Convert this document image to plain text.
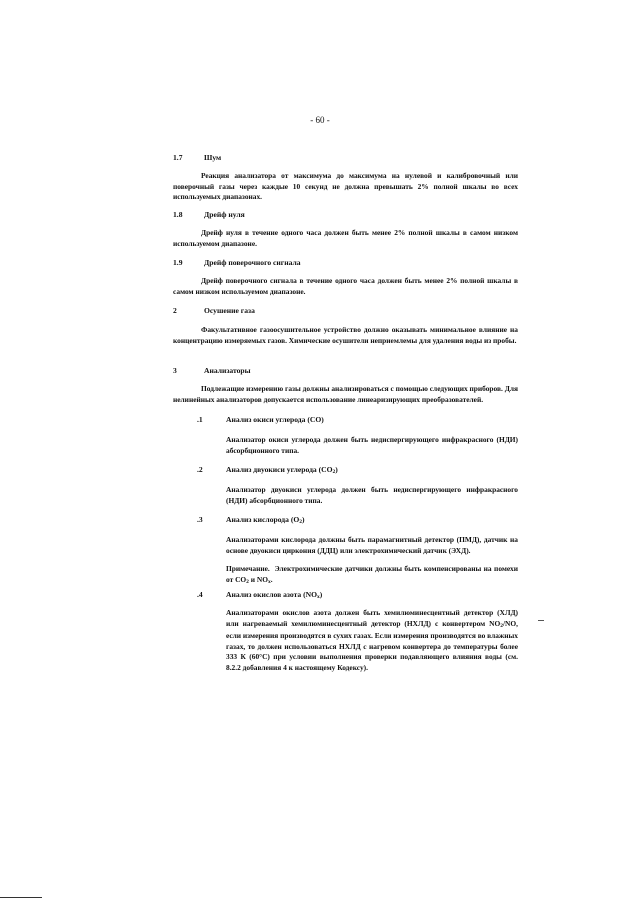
- 60 -
1.7	Шум
Реакция анализатора от максимума до максимума на нулевой и калибровочный или поверочный газы через каждые 10 секунд не должна превышать 2% полной шкалы во всех используемых диапазонах.
1.8	Дрейф нуля
Дрейф нуля в течение одного часа должен быть менее 2% полной шкалы в самом низком используемом диапазоне.
1.9	Дрейф поверочного сигнала
Дрейф поверочного сигнала в течение одного часа должен быть менее 2% полной шкалы в самом низком используемом диапазоне.
2	Осушение газа
Факультативное газоосушительное устройство должно оказывать минимальное влияние на концентрацию измеряемых газов. Химические осушители неприемлемы для удаления воды из пробы.
3	Анализаторы
Подлежащие измерению газы должны анализироваться с помощью следующих приборов. Для нелинейных анализаторов допускается использование линеаризирующих преобразователей.
.1	Анализ окиси углерода (CO)
Анализатор окиси углерода должен быть недиспергирующего инфракрасного (НДИ) абсорбционного типа.
.2	Анализ двуокиси углерода $(CO_2)$
Анализатор двуокиси углерода должен быть недиспергирующего инфракрасного (НДИ) абсорбционного типа.
.3	Анализ кислорода $(O_2)$
Анализаторами кислорода должны быть парамагнитный детектор (ПМД), датчик на основе двуокиси циркония (ДДЦ) или электрохимический датчик (ЭХД).
Примечание. Электрохимические датчики должны быть компенсированы на помехи от $CO_2$ и $NO_x$.
.4	Анализ окислов азота $(NO_x)$
Анализаторами окислов азота должен быть хемилюминесцентный детектор (ХЛД) или нагреваемый хемилюминесцентный детектор (НХЛД) с конвертером $NO_2/NO$, если измерения производятся в сухих газах. Если измерения производятся во влажных газах, то должен использоваться НХЛД с нагревом конвертера до температуры более 333 К (60°C) при условии выполнения проверки подавляющего влияния воды (см. 8.2.2 добавления 4 к настоящему Кодексу).
